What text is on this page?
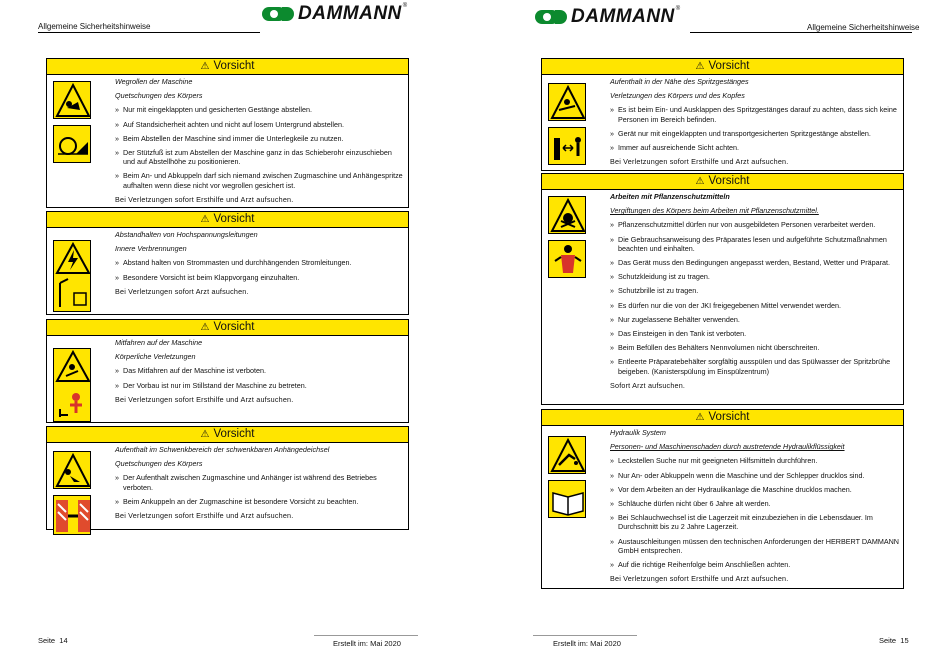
Allgemeine Sicherheitshinweise
DAMMANN ®
⚠ Vorsicht
Wegrollen der Maschine
Quetschungen des Körpers
» Nur mit eingeklappten und gesicherten Gestänge abstellen.
» Auf Standsicherheit achten und nicht auf losem Untergrund abstellen.
» Beim Abstellen der Maschine sind immer die Unterlegkeile zu nutzen.
» Der Stützfuß ist zum Abstellen der Maschine ganz in das Schieberohr einzuschieben und auf Abstellhöhe zu positionieren.
» Beim An- und Abkuppeln darf sich niemand zwischen Zugmaschine und Anhängespritze aufhalten wenn diese nicht vor wegrollen gesichert ist.
Bei Verletzungen sofort Ersthilfe und Arzt aufsuchen.
⚠ Vorsicht
Abstandhalten von Hochspannungsleitungen
Innere Verbrennungen
» Abstand halten von Strommasten und durchhängenden Stromleitungen.
» Besondere Vorsicht ist beim Klappvorgang einzuhalten.
Bei Verletzungen sofort Arzt aufsuchen.
⚠ Vorsicht
Mitfahren auf der Maschine
Körperliche Verletzungen
» Das Mitfahren auf der Maschine ist verboten.
» Der Vorbau ist nur im Stillstand der Maschine zu betreten.
Bei Verletzungen sofort Ersthilfe und Arzt aufsuchen.
⚠ Vorsicht
Aufenthalt im Schwenkbereich der schwenkbaren Anhängedeichsel
Quetschungen des Körpers
» Der Aufenthalt zwischen Zugmaschine und Anhänger ist während des Betriebes verboten.
» Beim Ankuppeln an der Zugmaschine ist besondere Vorsicht zu beachten.
Bei Verletzungen sofort Ersthilfe und Arzt aufsuchen.
Seite 14	Erstellt im: Mai 2020
DAMMANN ®
Allgemeine Sicherheitshinweise
⚠ Vorsicht
Aufenthalt in der Nähe des Spritzgestänges
Verletzungen des Körpers und des Kopfes
» Es ist beim Ein- und Ausklappen des Spritzgestänges darauf zu achten, dass sich keine Personen im Bereich befinden.
» Gerät nur mit eingeklappten und transportgesicherten Spritzgestänge abstellen.
» Immer auf ausreichende Sicht achten.
Bei Verletzungen sofort Ersthilfe und Arzt aufsuchen.
⚠ Vorsicht
Arbeiten mit Pflanzenschutzmitteln
Vergiftungen des Körpers beim Arbeiten mit Pflanzenschutzmittel.
» Pflanzenschutzmittel dürfen nur von ausgebildeten Personen verarbeitet werden.
» Die Gebrauchsanweisung des Präparates lesen und aufgeführte Schutzmaßnahmen beachten und einhalten.
» Das Gerät muss den Bedingungen angepasst werden, Bestand, Wetter und Präparat.
» Schutzkleidung ist zu tragen.
» Schutzbrille ist zu tragen.
» Es dürfen nur die von der JKI freigegebenen Mittel verwendet werden.
» Nur zugelassene Behälter verwenden.
» Das Einsteigen in den Tank ist verboten.
» Beim Befüllen des Behälters Nennvolumen nicht überschreiten.
» Entleerte Präparatebehälter sorgfältig ausspülen und das Spülwasser der Spritzbrühe beigeben. (Kanisterspülung im Einspülzentrum)
Sofort Arzt aufsuchen.
⚠ Vorsicht
Hydraulik System
Personen- und Maschinenschaden durch austretende Hydraulikflüssigkeit
» Leckstellen Suche nur mit geeigneten Hilfsmitteln durchführen.
» Nur An- oder Abkuppeln wenn die Maschine und der Schlepper drucklos sind.
» Vor dem Arbeiten an der Hydraulikanlage die Maschine drucklos machen.
» Schläuche dürfen nicht über 6 Jahre alt werden.
» Bei Schlauchwechsel ist die Lagerzeit mit einzubeziehen in die Lebensdauer. Im Durchschnitt bis zu 2 Jahre Lagerzeit.
» Austauschleitungen müssen den technischen Anforderungen der HERBERT DAMMANN GmbH entsprechen.
» Auf die richtige Reihenfolge beim Anschließen achten.
Bei Verletzungen sofort Ersthilfe und Arzt aufsuchen.
Erstellt im: Mai 2020	Seite 15
